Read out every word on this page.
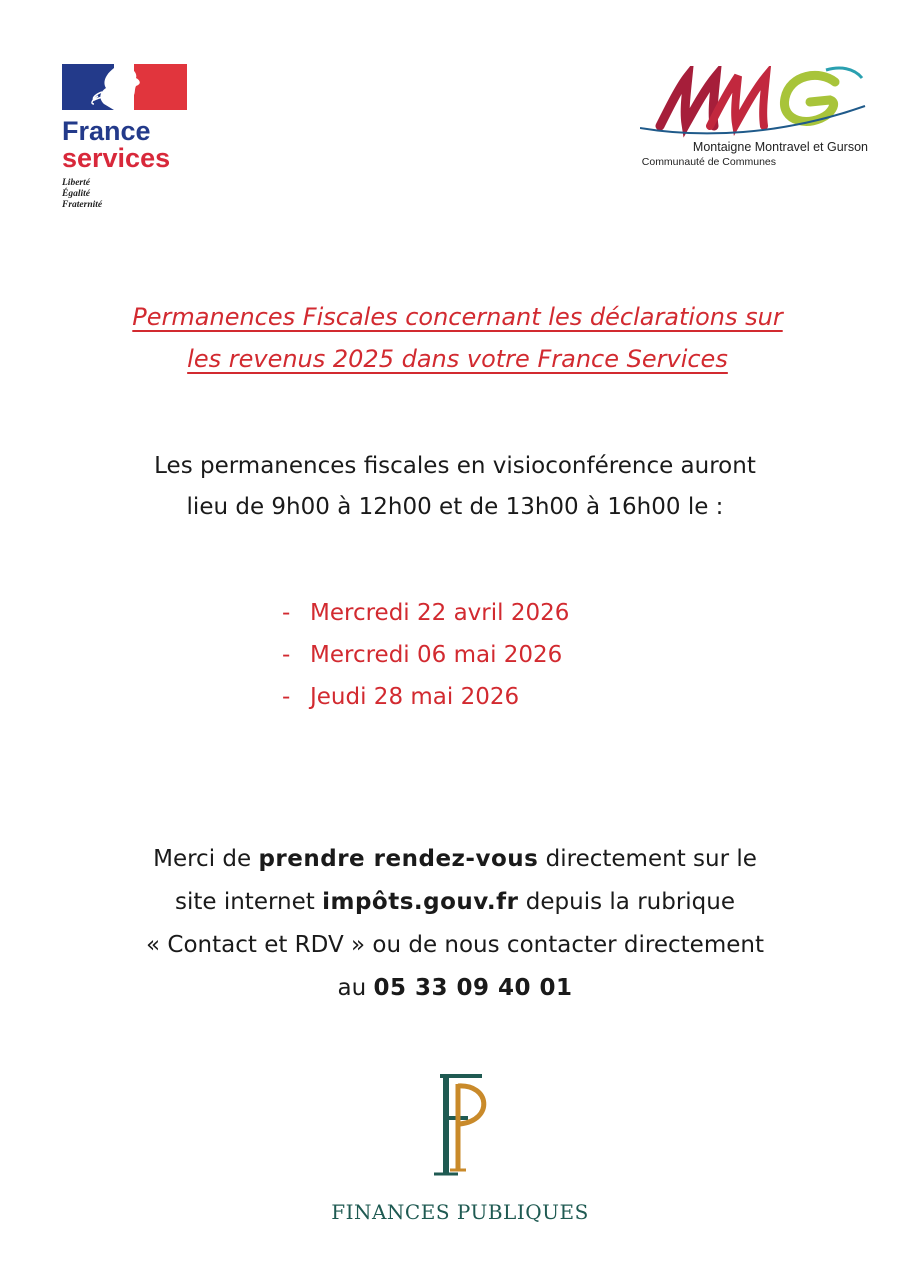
France
services
Liberté
Égalité
Fraternité
Montaigne Montravel et Gurson
Communauté de Communes
Permanences Fiscales concernant les déclarations sur
les revenus 2025 dans votre France Services
Les permanences fiscales en visioconférence auront
lieu de 9h00 à 12h00 et de 13h00 à 16h00 le :
- Mercredi 22 avril 2026
- Mercredi 06 mai 2026
- Jeudi 28 mai 2026
Merci de prendre rendez-vous directement sur le
site internet impôts.gouv.fr depuis la rubrique
« Contact et RDV » ou de nous contacter directement
au 05 33 09 40 01
FINANCES PUBLIQUES
